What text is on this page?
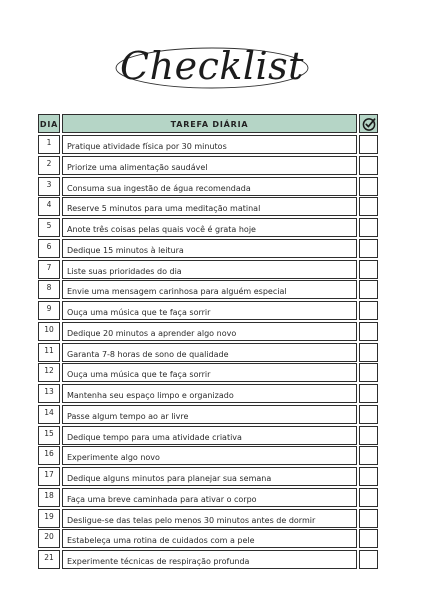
Checklist
DIA	TAREFA DIÁRIA
1	Pratique atividade física por 30 minutos
2	Priorize uma alimentação saudável
3	Consuma sua ingestão de água recomendada
4	Reserve 5 minutos para uma meditação matinal
5	Anote três coisas pelas quais você é grata hoje
6	Dedique 15 minutos à leitura
7	Liste suas prioridades do dia
8	Envie uma mensagem carinhosa para alguém especial
9	Ouça uma música que te faça sorrir
10	Dedique 20 minutos a aprender algo novo
11	Garanta 7-8 horas de sono de qualidade
12	Ouça uma música que te faça sorrir
13	Mantenha seu espaço limpo e organizado
14	Passe algum tempo ao ar livre
15	Dedique tempo para uma atividade criativa
16	Experimente algo novo
17	Dedique alguns minutos para planejar sua semana
18	Faça uma breve caminhada para ativar o corpo
19	Desligue-se das telas pelo menos 30 minutos antes de dormir
20	Estabeleça uma rotina de cuidados com a pele
21	Experimente técnicas de respiração profunda
